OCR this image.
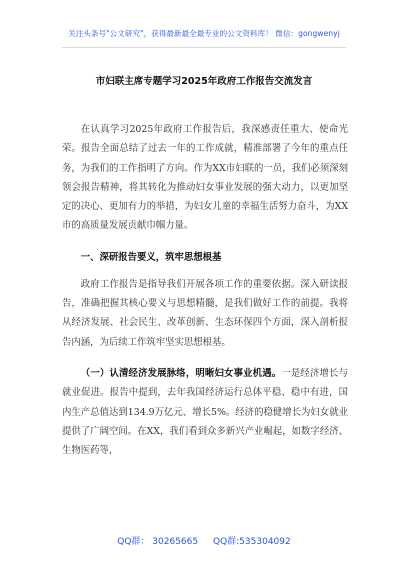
关注头条号"公文研究"，获得最新最全最专业的公文资料库！ 微信：gongwenyj
市妇联主席专题学习2025年政府工作报告交流发言

在认真学习2025年政府工作报告后，我深感责任重大、使命光荣。报告全面总结了过去一年的工作成就，精准部署了今年的重点任务，为我们的工作指明了方向。作为XX市妇联的一员，我们必须深刻领会报告精神，将其转化为推动妇女事业发展的强大动力，以更加坚定的决心、更加有力的举措，为妇女儿童的幸福生活努力奋斗，为XX市的高质量发展贡献巾帼力量。

一、深研报告要义，筑牢思想根基

政府工作报告是指导我们开展各项工作的重要依据。深入研读报告，准确把握其核心要义与思想精髓，是我们做好工作的前提。我将从经济发展、社会民生、改革创新、生态环保四个方面，深入剖析报告内涵，为后续工作筑牢坚实思想根基。

（一）认清经济发展脉络，明晰妇女事业机遇。一是经济增长与就业促进。报告中提到，去年我国经济运行总体平稳、稳中有进，国内生产总值达到134.9万亿元、增长5%。经济的稳健增长为妇女就业提供了广阔空间。在XX，我们看到众多新兴产业崛起，如数字经济、生物医药等，

QQ群： 30265665 QQ群:535304092
